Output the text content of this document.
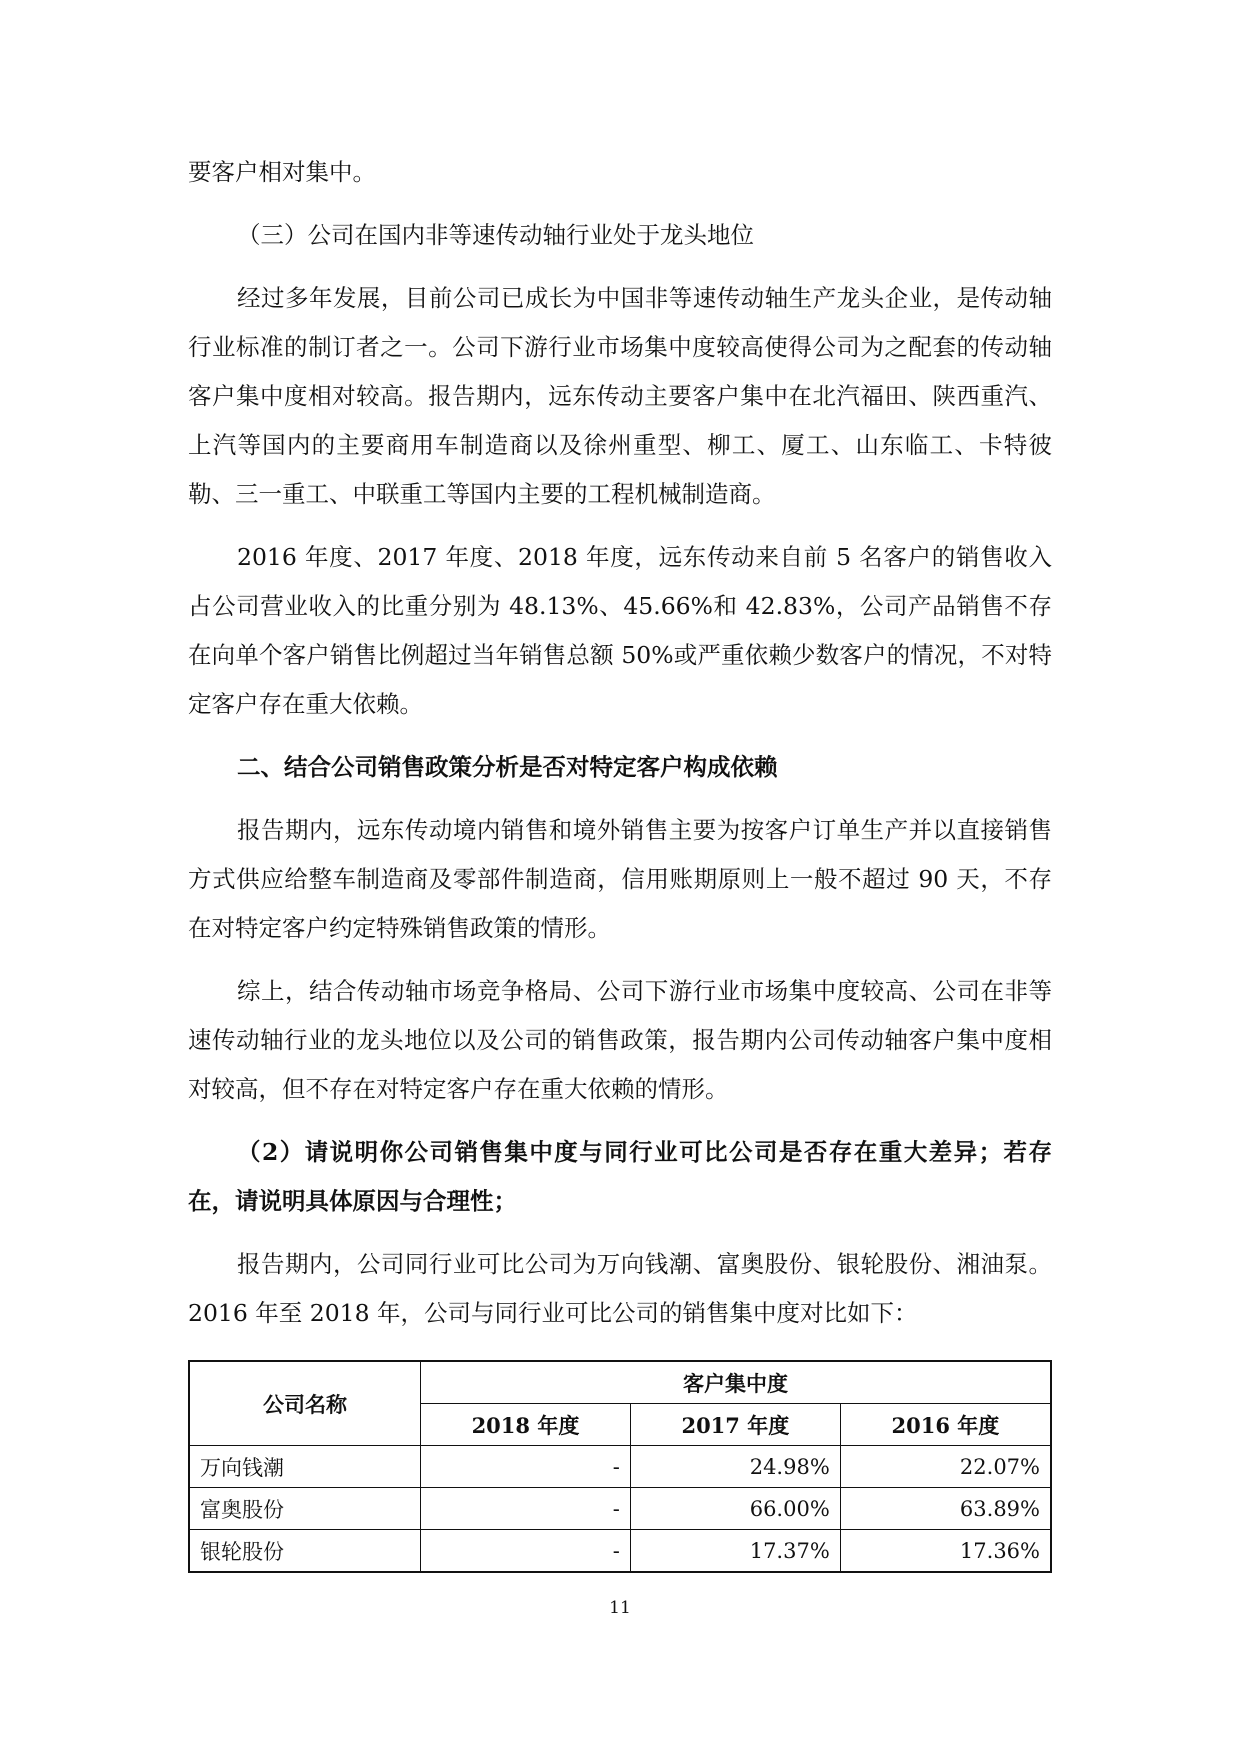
要客户相对集中。

（三）公司在国内非等速传动轴行业处于龙头地位

经过多年发展，目前公司已成长为中国非等速传动轴生产龙头企业，是传动轴行业标准的制订者之一。公司下游行业市场集中度较高使得公司为之配套的传动轴客户集中度相对较高。报告期内，远东传动主要客户集中在北汽福田、陕西重汽、上汽等国内的主要商用车制造商以及徐州重型、柳工、厦工、山东临工、卡特彼勒、三一重工、中联重工等国内主要的工程机械制造商。

2016 年度、2017 年度、2018 年度，远东传动来自前 5 名客户的销售收入占公司营业收入的比重分别为 48.13%、45.66%和 42.83%，公司产品销售不存在向单个客户销售比例超过当年销售总额 50%或严重依赖少数客户的情况，不对特定客户存在重大依赖。

二、结合公司销售政策分析是否对特定客户构成依赖

报告期内，远东传动境内销售和境外销售主要为按客户订单生产并以直接销售方式供应给整车制造商及零部件制造商，信用账期原则上一般不超过 90 天，不存在对特定客户约定特殊销售政策的情形。

综上，结合传动轴市场竞争格局、公司下游行业市场集中度较高、公司在非等速传动轴行业的龙头地位以及公司的销售政策，报告期内公司传动轴客户集中度相对较高，但不存在对特定客户存在重大依赖的情形。

（2）请说明你公司销售集中度与同行业可比公司是否存在重大差异；若存在，请说明具体原因与合理性；

报告期内，公司同行业可比公司为万向钱潮、富奥股份、银轮股份、湘油泵。2016 年至 2018 年，公司与同行业可比公司的销售集中度对比如下：

公司名称	客户集中度		
	2018 年度	2017 年度	2016 年度
万向钱潮	-	24.98%	22.07%
富奥股份	-	66.00%	63.89%
银轮股份	-	17.37%	17.36%
11
